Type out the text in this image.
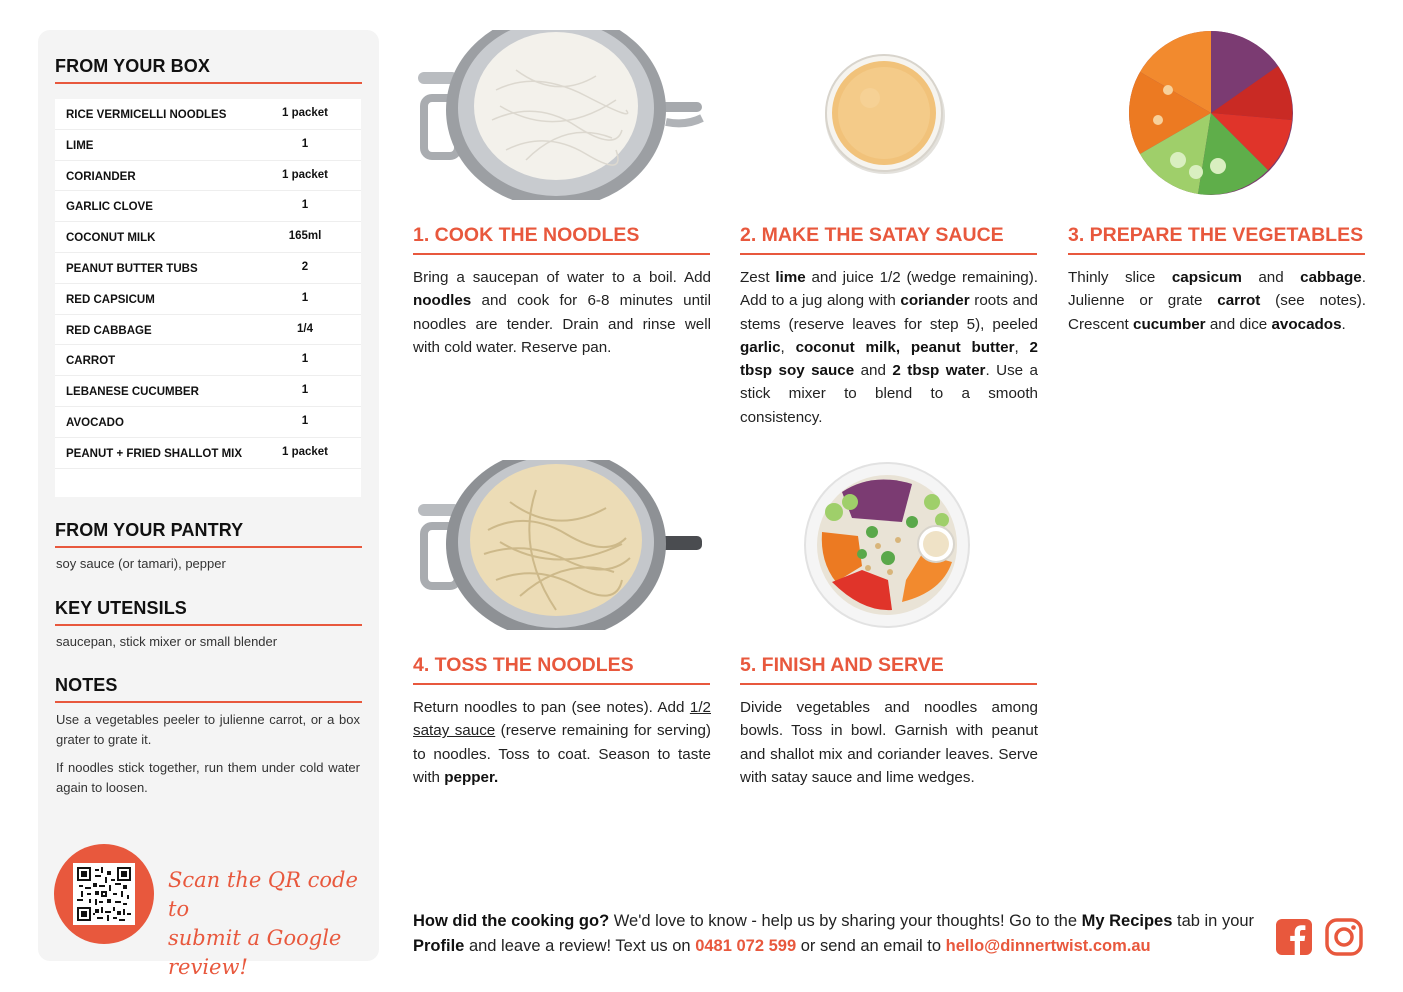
FROM YOUR BOX
RICE VERMICELLI NOODLES	1 packet
LIME	1
CORIANDER	1 packet
GARLIC CLOVE	1
COCONUT MILK	165ml
PEANUT BUTTER TUBS	2
RED CAPSICUM	1
RED CABBAGE	1/4
CARROT	1
LEBANESE CUCUMBER	1
AVOCADO	1
PEANUT + FRIED SHALLOT MIX	1 packet
FROM YOUR PANTRY
soy sauce (or tamari), pepper
KEY UTENSILS
saucepan, stick mixer or small blender
NOTES
Use a vegetables peeler to julienne carrot, or a box grater to grate it.
If noodles stick together, run them under cold water again to loosen.
Scan the QR code to
submit a Google review!
1. COOK THE NOODLES
Bring a saucepan of water to a boil. Add noodles and cook for 6-8 minutes until noodles are tender. Drain and rinse well with cold water. Reserve pan.
2. MAKE THE SATAY SAUCE
Zest lime and juice 1/2 (wedge remaining). Add to a jug along with coriander roots and stems (reserve leaves for step 5), peeled garlic, coconut milk, peanut butter, 2 tbsp soy sauce and 2 tbsp water. Use a stick mixer to blend to a smooth consistency.
3. PREPARE THE VEGETABLES
Thinly slice capsicum and cabbage. Julienne or grate carrot (see notes). Crescent cucumber and dice avocados.
4. TOSS THE NOODLES
Return noodles to pan (see notes). Add 1/2 satay sauce (reserve remaining for serving) to noodles. Toss to coat. Season to taste with pepper.
5. FINISH AND SERVE
Divide vegetables and noodles among bowls. Toss in bowl. Garnish with peanut and shallot mix and coriander leaves. Serve with satay sauce and lime wedges.
How did the cooking go? We'd love to know - help us by sharing your thoughts! Go to the My Recipes tab in your Profile and leave a review! Text us on 0481 072 599 or send an email to hello@dinnertwist.com.au
